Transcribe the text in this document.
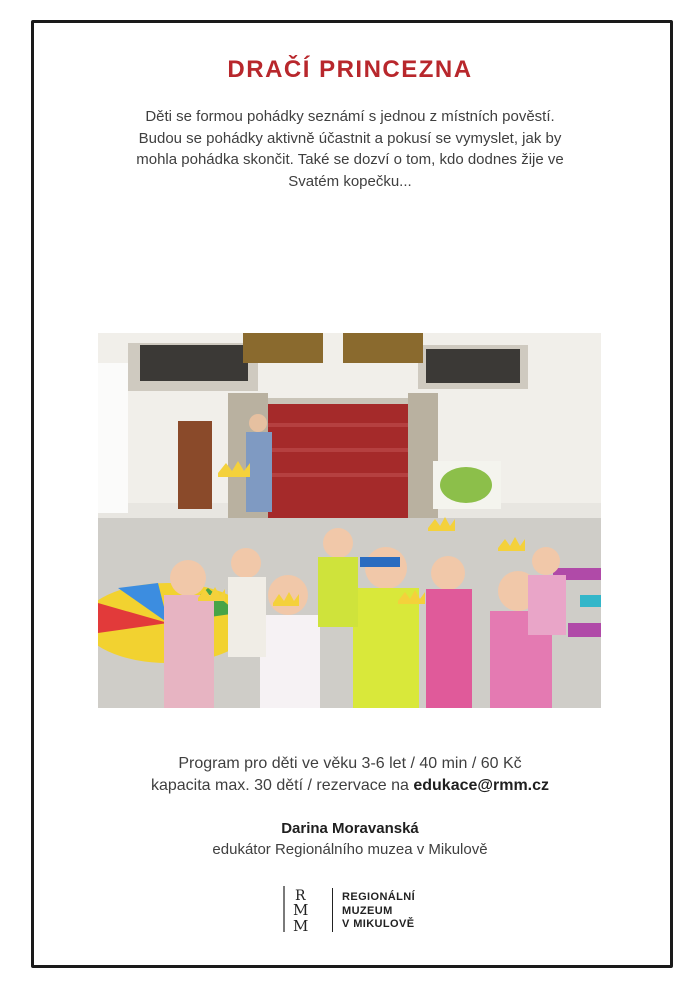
DRAČÍ PRINCEZNA
Děti se formou pohádky seznámí s jednou z místních pověstí.
Budou se pohádky aktivně účastnit a pokusí se vymyslet, jak by
mohla pohádka skončit. Také se dozví o tom, kdo dodnes žije ve
Svatém kopečku...
Program pro děti ve věku 3-6 let / 40 min / 60 Kč
kapacita max. 30 dětí / rezervace na edukace@rmm.cz
Darina Moravanská
edukátor Regionálního muzea v Mikulově
R
M
M
REGIONÁLNÍ
MUZEUM
V MIKULOVĚ
